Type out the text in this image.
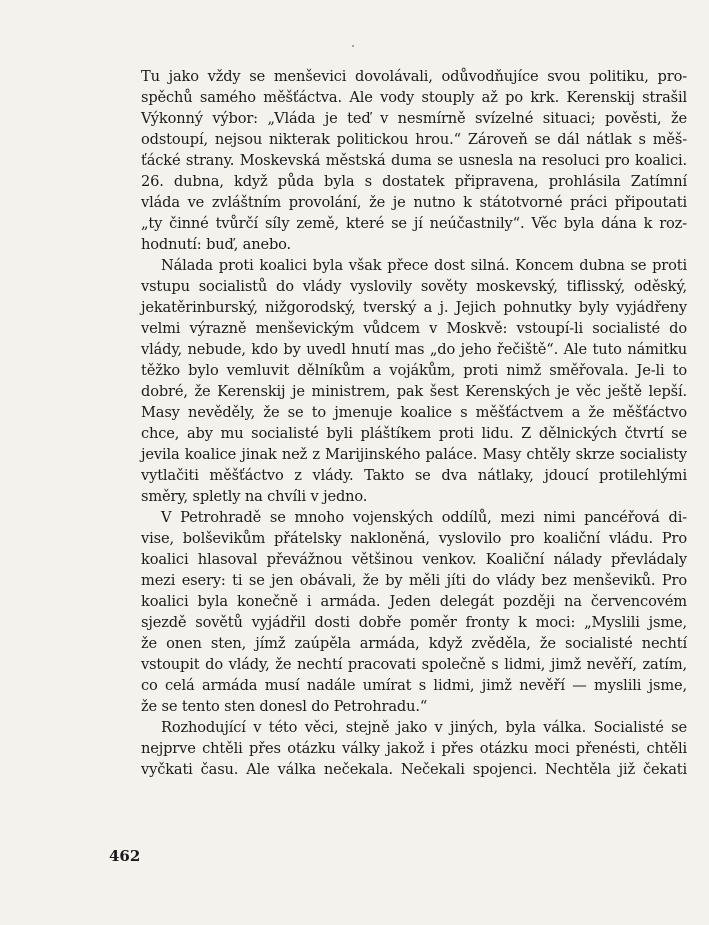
Tu jako vždy se menševici dovolávali, odůvodňujíce svou politiku, pro-
spěchů samého měšťáctva. Ale vody stouply až po krk. Kerenskij strašil
Výkonný výbor: „Vláda je teď v nesmírně svízelné situaci; pověsti, že
odstoupí, nejsou nikterak politickou hrou.“ Zároveň se dál nátlak s měš-
ťácké strany. Moskevská městská duma se usnesla na resoluci pro koalici.
26. dubna, když půda byla s dostatek připravena, prohlásila Zatímní
vláda ve zvláštním provolání, že je nutno k státotvorné práci připoutati
„ty činné tvůrčí síly země, které se jí neúčastnily“. Věc byla dána k roz-
hodnutí: buď, anebo.
Nálada proti koalici byla však přece dost silná. Koncem dubna se proti
vstupu socialistů do vlády vyslovily sověty moskevský, tiflisský, oděský,
jekatěrinburský, nižgorodský, tverský a j. Jejich pohnutky byly vyjádřeny
velmi výrazně menševickým vůdcem v Moskvě: vstoupí-li socialisté do
vlády, nebude, kdo by uvedl hnutí mas „do jeho řečiště“. Ale tuto námitku
těžko bylo vemluvit dělníkům a vojákům, proti nimž směřovala. Je-li to
dobré, že Kerenskij je ministrem, pak šest Kerenských je věc ještě lepší.
Masy nevěděly, že se to jmenuje koalice s měšťáctvem a že měšťáctvo
chce, aby mu socialisté byli pláštíkem proti lidu. Z dělnických čtvrtí se
jevila koalice jinak než z Marijinského paláce. Masy chtěly skrze socialisty
vytlačiti měšťáctvo z vlády. Takto se dva nátlaky, jdoucí protilehlými
směry, spletly na chvíli v jedno.
V Petrohradě se mnoho vojenských oddílů, mezi nimi pancéřová di-
vise, bolševikům přátelsky nakloněná, vyslovilo pro koaliční vládu. Pro
koalici hlasoval převážnou většinou venkov. Koaliční nálady převládaly
mezi esery: ti se jen obávali, že by měli jíti do vlády bez menševiků. Pro
koalici byla konečně i armáda. Jeden delegát později na červencovém
sjezdě sovětů vyjádřil dosti dobře poměr fronty k moci: „Myslili jsme,
že onen sten, jímž zaúpěla armáda, když zvěděla, že socialisté nechtí
vstoupit do vlády, že nechtí pracovati společně s lidmi, jimž nevěří, zatím,
co celá armáda musí nadále umírat s lidmi, jimž nevěří — myslili jsme,
že se tento sten donesl do Petrohradu.“
Rozhodující v této věci, stejně jako v jiných, byla válka. Socialisté se
nejprve chtěli přes otázku války jakož i přes otázku moci přenésti, chtěli
vyčkati času. Ale válka nečekala. Nečekali spojenci. Nechtěla již čekati
462
